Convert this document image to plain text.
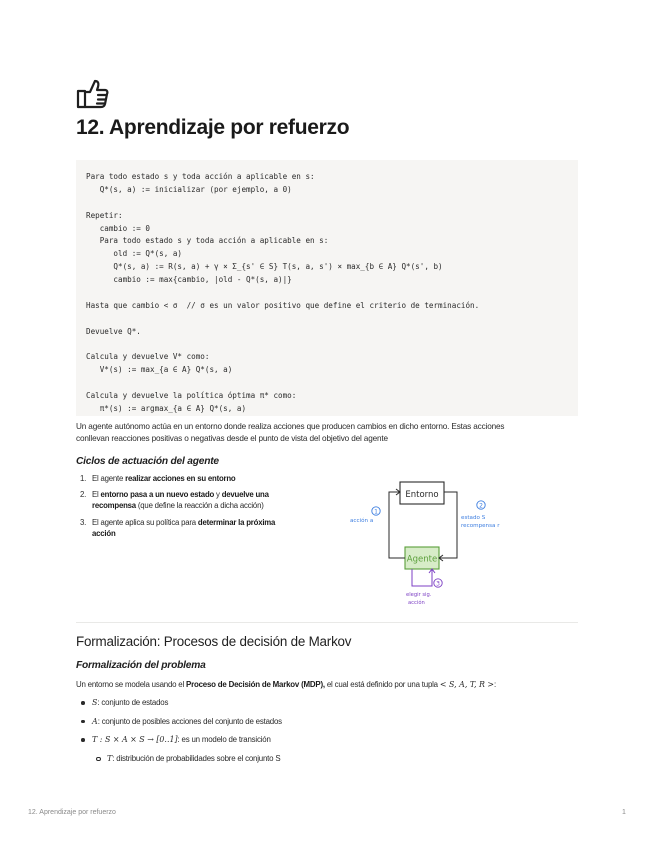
12. Aprendizaje por refuerzo
Para todo estado s y toda acción a aplicable en s:
Q*(s, a) := inicializar (por ejemplo, a 0)
Repetir:
cambio := 0
Para todo estado s y toda acción a aplicable en s:
old := Q*(s, a)
Q*(s, a) := R(s, a) + γ × Σ_{s' ∈ S} T(s, a, s') × max_{b ∈ A} Q*(s', b)
cambio := max{cambio, |old - Q*(s, a)|}
Hasta que cambio < σ  // σ es un valor positivo que define el criterio de terminación.
Devuelve Q*.
Calcula y devuelve V* como:
V*(s) := max_{a ∈ A} Q*(s, a)
Calcula y devuelve la política óptima π* como:
π*(s) := argmax_{a ∈ A} Q*(s, a)
Un agente autónomo actúa en un entorno donde realiza acciones que producen cambios en dicho entorno. Estas acciones
conllevan reacciones positivas o negativas desde el punto de vista del objetivo del agente
Ciclos de actuación del agente
1. El agente realizar acciones en su entorno
2. El entorno pasa a un nuevo estado y devuelve una recompensa (que define la reacción a dicha acción)
3. El agente aplica su política para determinar la próxima acción
Entorno
Agente
1
acción a
2
estado S
recompensa r
3
elegir sig.
acción
Formalización: Procesos de decisión de Markov
Formalización del problema
Un entorno se modela usando el Proceso de Decisión de Markov (MDP), el cual está definido por una tupla < S, A, T, R >:
S: conjunto de estados
A: conjunto de posibles acciones del conjunto de estados
T : S × A × S → [0..1]: es un modelo de transición
T: distribución de probabilidades sobre el conjunto S
12. Aprendizaje por refuerzo	1
